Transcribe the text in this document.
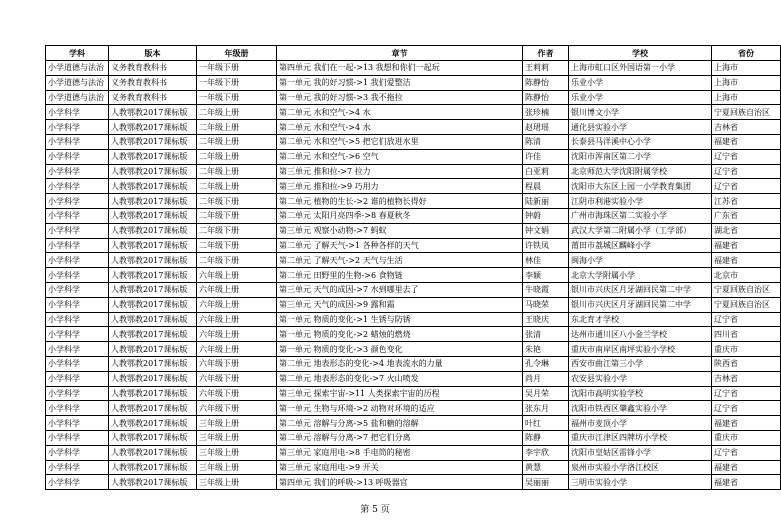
学科	版本	年级册	章节	作者	学校	省份
小学道德与法治	义务教育教科书	一年级下册	第四单元 我们在一起->13 我想和你们一起玩	王莉莉	上海市虹口区外国语第一小学	上海市
小学道德与法治	义务教育教科书	一年级下册	第一单元 我的好习惯->1 我们爱整洁	陈静怡	乐业小学	上海市
小学道德与法治	义务教育教科书	一年级下册	第一单元 我的好习惯->3 我不拖拉	陈静怡	乐业小学	上海市
小学科学	人教鄂教2017课标版	二年级上册	第二单元 水和空气->4 水	张珍楠	银川博文小学	宁夏回族自治区
小学科学	人教鄂教2017课标版	二年级上册	第二单元 水和空气->4 水	赵珺瑶	通化县实验小学	吉林省
小学科学	人教鄂教2017课标版	二年级上册	第二单元 水和空气->5 把它们放进水里	陈清	长泰县马洋溪中心小学	福建省
小学科学	人教鄂教2017课标版	二年级上册	第二单元 水和空气->6 空气	许佳	沈阳市浑南区第二小学	辽宁省
小学科学	人教鄂教2017课标版	二年级上册	第三单元 推和拉->7 拉力	白亚莉	北京师范大学沈阳附属学校	辽宁省
小学科学	人教鄂教2017课标版	二年级上册	第三单元 推和拉->9 巧用力	程晨	沈阳市大东区上园一小学教育集团	辽宁省
小学科学	人教鄂教2017课标版	二年级下册	第二单元 植物的生长->2 谁的植物长得好	陆新丽	江阴市利港实验小学	江苏省
小学科学	人教鄂教2017课标版	二年级下册	第二单元 太阳月亮四季->8 春夏秋冬	钟蔚	广州市海珠区第二实验小学	广东省
小学科学	人教鄂教2017课标版	二年级下册	第三单元 观察小动物->7 蚂蚁	钟文娟	武汉大学第二附属小学（工学部）	湖北省
小学科学	人教鄂教2017课标版	二年级下册	第二单元 了解天气->1 各种各样的天气	许铁凤	莆田市荔城区麟峰小学	福建省
小学科学	人教鄂教2017课标版	二年级下册	第二单元 了解天气->2 天气与生活	林佳	闽海小学	福建省
小学科学	人教鄂教2017课标版	六年级上册	第二单元 田野里的生物->6 食物链	李颖	北京大学附属小学	北京市
小学科学	人教鄂教2017课标版	六年级上册	第三单元 天气的成因->7 水到哪里去了	牛晓霞	银川市兴庆区月牙湖回民第二中学	宁夏回族自治区
小学科学	人教鄂教2017课标版	六年级上册	第三单元 天气的成因->9 露和霜	马晓荣	银川市兴庆区月牙湖回民第二中学	宁夏回族自治区
小学科学	人教鄂教2017课标版	六年级上册	第一单元 物质的变化->1 生锈与防锈	王晓庆	东北育才学校	辽宁省
小学科学	人教鄂教2017课标版	六年级上册	第一单元 物质的变化->2 蜡烛的燃烧	张清	达州市通川区八小金兰学校	四川省
小学科学	人教鄂教2017课标版	六年级上册	第一单元 物质的变化->3 颜色变化	朱艳	重庆市南岸区南坪实验小学校	重庆市
小学科学	人教鄂教2017课标版	六年级下册	第二单元 地表形态的变化->4 地表流水的力量	孔令琳	西安市曲江第三小学	陕西省
小学科学	人教鄂教2017课标版	六年级下册	第二单元 地表形态的变化->7 火山喷发	尚月	农安县实验小学	吉林省
小学科学	人教鄂教2017课标版	六年级下册	第三单元 探索宇宙->11 人类探索宇宙的历程	吴月荣	沈阳市高明实验学校	辽宁省
小学科学	人教鄂教2017课标版	六年级下册	第一单元 生物与环境->2 动物对环境的适应	张东月	沈阳市铁西区肇鑫实验小学	辽宁省
小学科学	人教鄂教2017课标版	三年级上册	第二单元 溶解与分离->5 盐和糖的溶解	叶红	福州市麦顶小学	福建省
小学科学	人教鄂教2017课标版	三年级上册	第二单元 溶解与分离->7 把它们分离	陈静	重庆市江津区四牌坊小学校	重庆市
小学科学	人教鄂教2017课标版	三年级上册	第三单元 家庭用电->8 手电筒的秘密	李宇欣	沈阳市皇姑区雷锋小学	辽宁省
小学科学	人教鄂教2017课标版	三年级上册	第三单元 家庭用电->9 开关	黄慧	泉州市实验小学洛江校区	福建省
小学科学	人教鄂教2017课标版	三年级上册	第四单元 我们的呼吸->13 呼吸器官	吴丽丽	三明市实验小学	福建省
第 5 页
